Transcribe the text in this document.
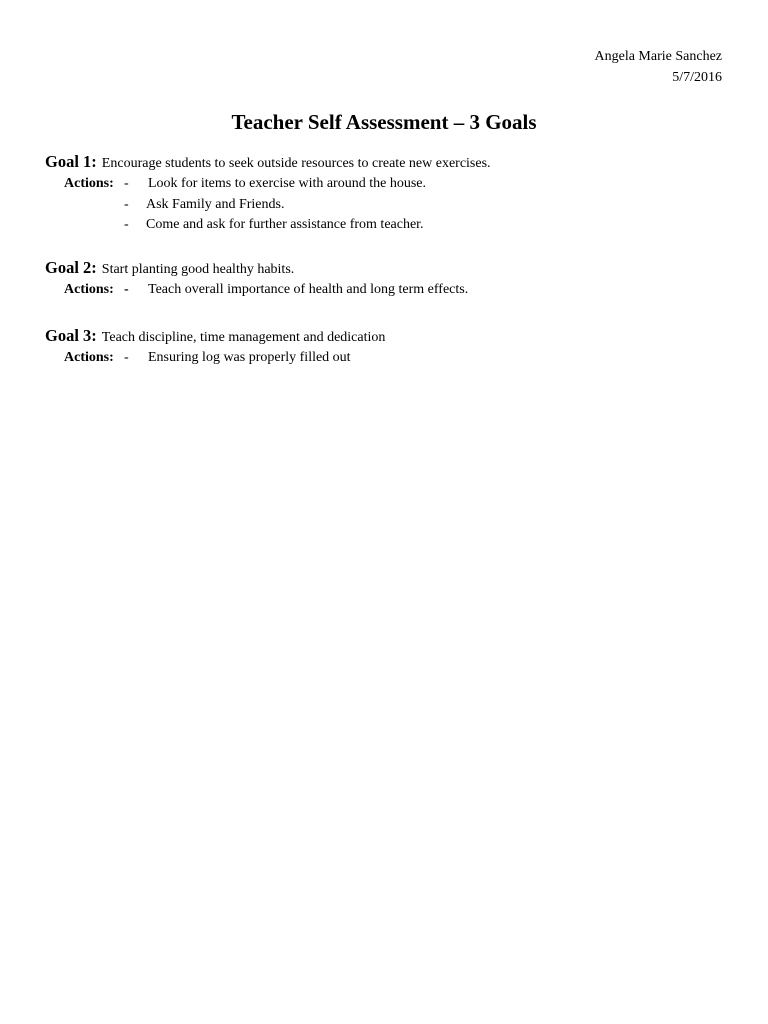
Angela Marie Sanchez
5/7/2016
Teacher Self Assessment – 3 Goals
Goal 1: Encourage students to seek outside resources to create new exercises.
Actions: - Look for items to exercise with around the house.
- Ask Family and Friends.
- Come and ask for further assistance from teacher.
Goal 2: Start planting good healthy habits.
Actions: - Teach overall importance of health and long term effects.
Goal 3: Teach discipline, time management and dedication
Actions: - Ensuring log was properly filled out
